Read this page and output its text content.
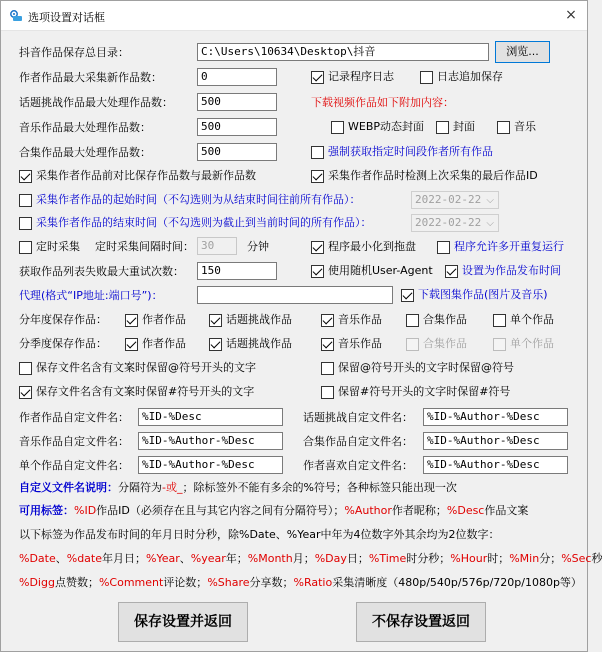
选项设置对话框	×
抖音作品保存总目录：	C:\Users\10634\Desktop\抖音	浏览...
作者作品最大采集新作品数：	0	记录程序日志	日志追加保存
话题挑战作品最大处理作品数：	500	下载视频作品如下附加内容：
音乐作品最大处理作品数：	500	WEBP动态封面	封面	音乐
合集作品最大处理作品数：	500	强制获取指定时间段作者所有作品
采集作者作品前对比保存作品数与最新作品数	采集作者作品时检测上次采集的最后作品ID
采集作者作品的起始时间（不勾选则为从结束时间往前所有作品）：	2022-02-22 ⌵
采集作者作品的结束时间（不勾选则为截止到当前时间的所有作品）：	2022-02-22 ⌵
定时采集 定时采集间隔时间： 30	分钟	程序最小化到拖盘	程序允许多开重复运行
获取作品列表失败最大重试次数：	150	使用随机User-Agent	设置为作品发布时间
代理(格式“IP地址:端口号”)：	下载图集作品(图片及音乐)
分年度保存作品：	作者作品	话题挑战作品	音乐作品	合集作品	单个作品
分季度保存作品：	作者作品	话题挑战作品	音乐作品	合集作品	单个作品
保存文件名含有文案时保留@符号开头的文字	保留@符号开头的文字时保留@符号
保存文件名含有文案时保留#符号开头的文字	保留#符号开头的文字时保留#符号
作者作品自定文件名：	%ID-%Desc	话题挑战自定文件名：	%ID-%Author-%Desc
音乐作品自定文件名：	%ID-%Author-%Desc	合集作品自定文件名：	%ID-%Author-%Desc
单个作品自定文件名：	%ID-%Author-%Desc	作者喜欢自定文件名：	%ID-%Author-%Desc
自定义文件名说明：分隔符为-或_；除标签外不能有多余的%符号；各种标签只能出现一次
可用标签：%ID作品ID（必须存在且与其它内容之间有分隔符号）；%Author作者昵称；%Desc作品文案
以下标签为作品发布时间的年月日时分秒，除%Date、%Year中年为4位数字外其余均为2位数字：
%Date、%date年月日；%Year、%year年；%Month月；%Day日；%Time时分秒；%Hour时；%Min分；%Sec秒
%Digg点赞数；%Comment评论数；%Share分享数；%Ratio采集清晰度（480p/540p/576p/720p/1080p等）
保存设置并返回	不保存设置返回
